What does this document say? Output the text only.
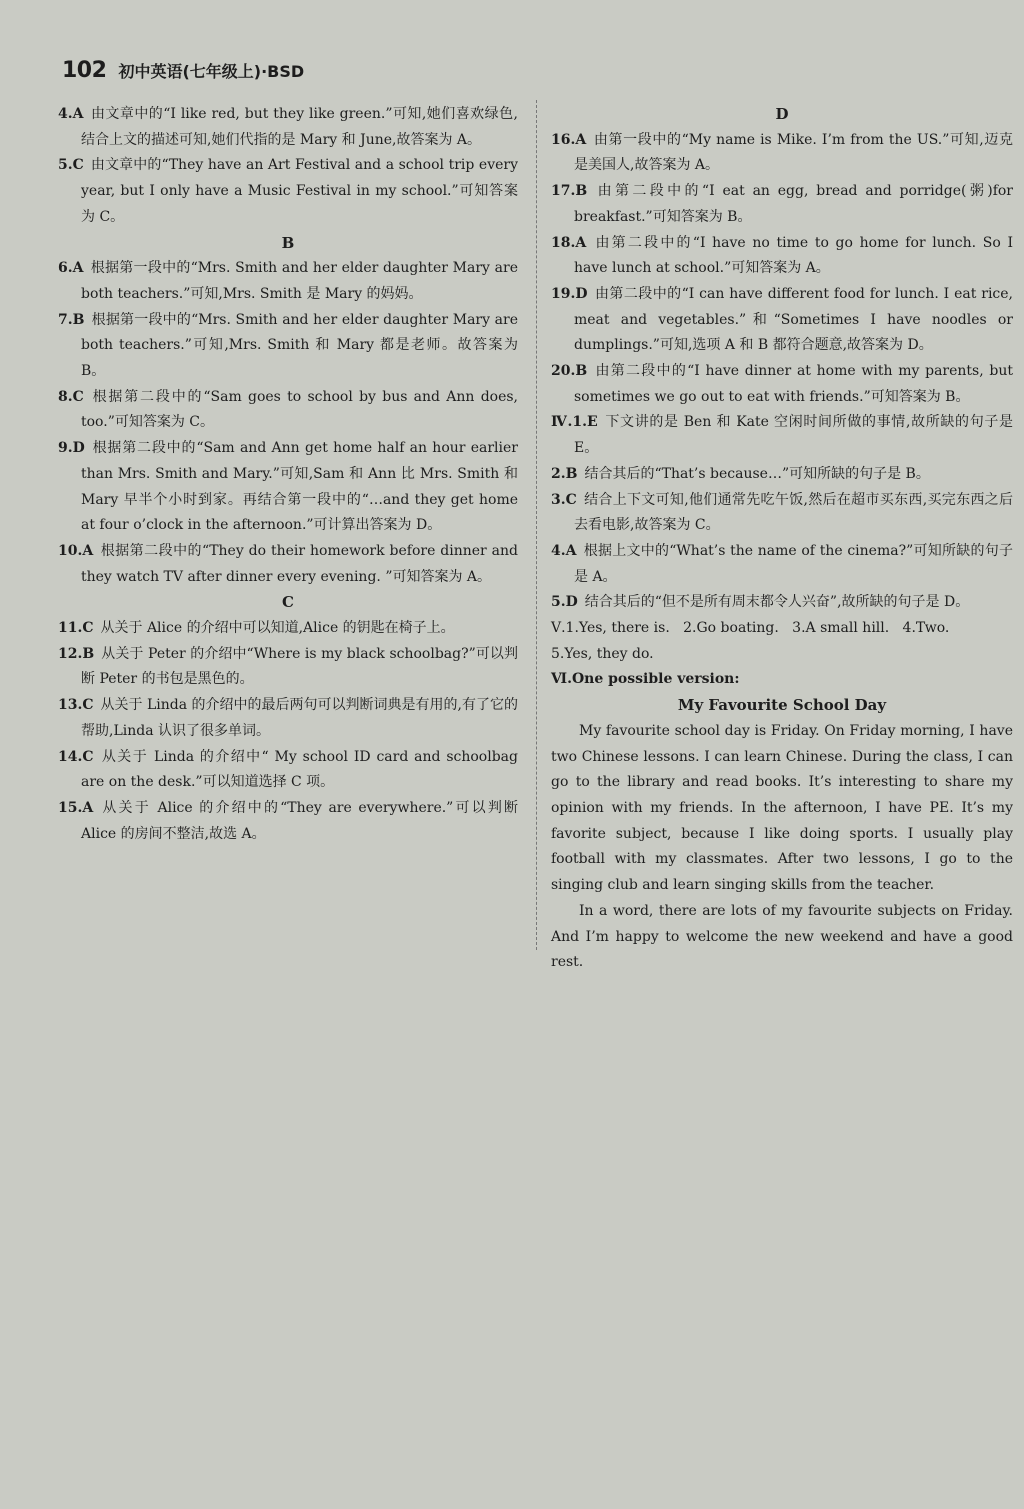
102 初中英语(七年级上)·BSD

4.A 由文章中的“I like red, but they like green.”可知,她们喜欢绿色,结合上文的描述可知,她们代指的是 Mary 和 June,故答案为 A。

5.C 由文章中的“They have an Art Festival and a school trip every year, but I only have a Music Festival in my school.”可知答案为 C。

B

6.A 根据第一段中的“Mrs. Smith and her elder daughter Mary are both teachers.”可知,Mrs. Smith 是 Mary 的妈妈。

7.B 根据第一段中的“Mrs. Smith and her elder daughter Mary are both teachers.”可知,Mrs. Smith 和 Mary 都是老师。故答案为 B。

8.C 根据第二段中的“Sam goes to school by bus and Ann does, too.”可知答案为 C。

9.D 根据第二段中的“Sam and Ann get home half an hour earlier than Mrs. Smith and Mary.”可知,Sam 和 Ann 比 Mrs. Smith 和 Mary 早半个小时到家。再结合第一段中的“…and they get home at four o’clock in the afternoon.”可计算出答案为 D。

10.A 根据第二段中的“They do their homework before dinner and they watch TV after dinner every evening. ”可知答案为 A。

C

11.C 从关于 Alice 的介绍中可以知道,Alice 的钥匙在椅子上。

12.B 从关于 Peter 的介绍中“Where is my black schoolbag?”可以判断 Peter 的书包是黑色的。

13.C 从关于 Linda 的介绍中的最后两句可以判断词典是有用的,有了它的帮助,Linda 认识了很多单词。

14.C 从关于 Linda 的介绍中“ My school ID card and schoolbag are on the desk.”可以知道选择 C 项。

15.A 从关于 Alice 的介绍中的“They are everywhere.”可以判断 Alice 的房间不整洁,故选 A。

D

16.A 由第一段中的“My name is Mike. I’m from the US.”可知,迈克是美国人,故答案为 A。

17.B 由第二段中的“I eat an egg, bread and porridge(粥)for breakfast.”可知答案为 B。

18.A 由第二段中的“I have no time to go home for lunch. So I have lunch at school.”可知答案为 A。

19.D 由第二段中的“I can have different food for lunch. I eat rice, meat and vegetables.”和“Sometimes I have noodles or dumplings.”可知,选项 A 和 B 都符合题意,故答案为 D。

20.B 由第二段中的“I have dinner at home with my parents, but sometimes we go out to eat with friends.”可知答案为 B。

Ⅳ.1.E 下文讲的是 Ben 和 Kate 空闲时间所做的事情,故所缺的句子是 E。

2.B 结合其后的“That’s because…”可知所缺的句子是 B。

3.C 结合上下文可知,他们通常先吃午饭,然后在超市买东西,买完东西之后去看电影,故答案为 C。

4.A 根据上文中的“What’s the name of the cinema?”可知所缺的句子是 A。

5.D 结合其后的“但不是所有周末都令人兴奋”,故所缺的句子是 D。

Ⅴ.1.Yes, there is.   2.Go boating.   3.A small hill.   4.Two.

5.Yes, they do.

Ⅵ.One possible version:

My Favourite School Day

My favourite school day is Friday. On Friday morning, I have two Chinese lessons. I can learn Chinese. During the class, I can go to the library and read books. It’s interesting to share my opinion with my friends. In the afternoon, I have PE. It’s my favorite subject, because I like doing sports. I usually play football with my classmates. After two lessons, I go to the singing club and learn singing skills from the teacher.

In a word, there are lots of my favourite subjects on Friday. And I’m happy to welcome the new weekend and have a good rest.
